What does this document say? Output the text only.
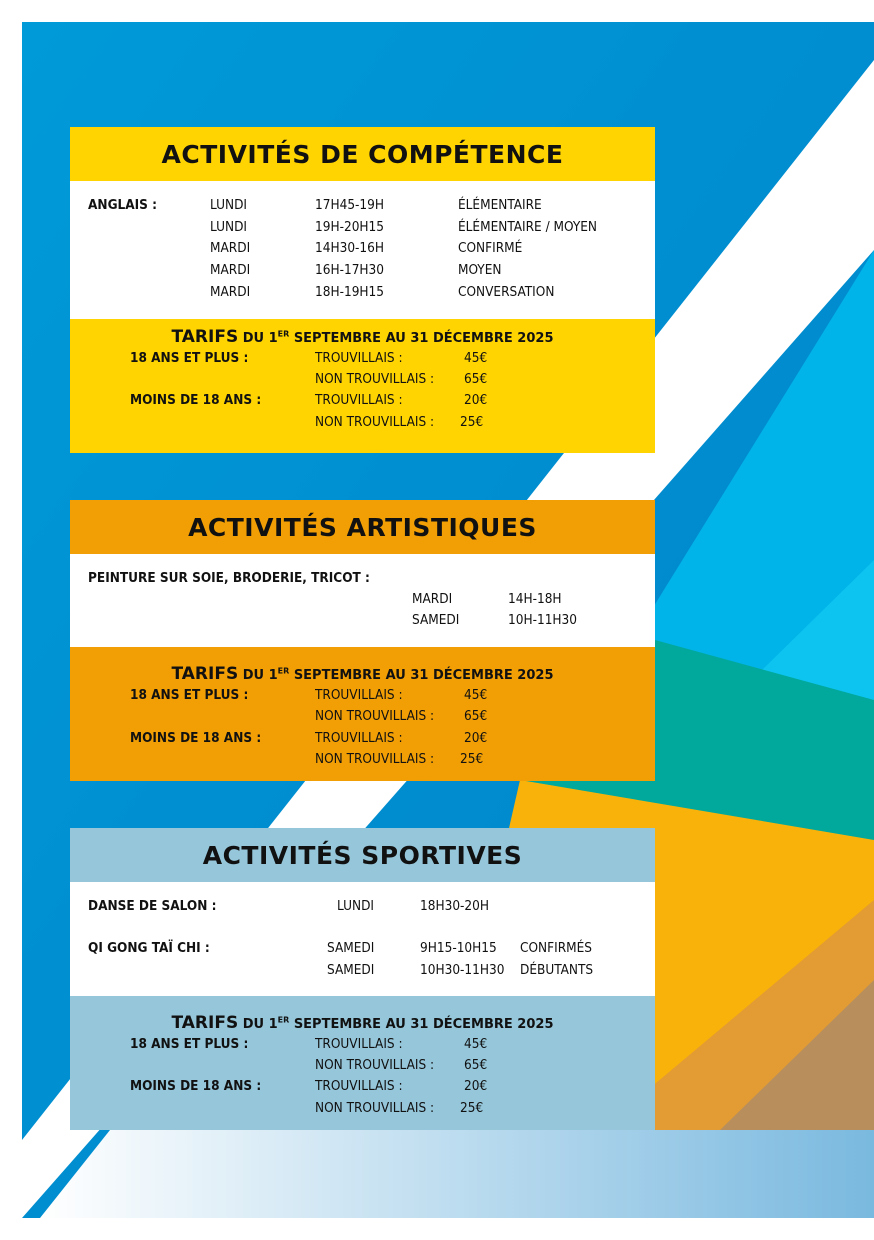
ACTIVITÉS DE COMPÉTENCE
ANGLAIS :	LUNDI	17H45-19H	ÉLÉMENTAIRE
LUNDI	19H-20H15	ÉLÉMENTAIRE / MOYEN
MARDI	14H30-16H	CONFIRMÉ
MARDI	16H-17H30	MOYEN
MARDI	18H-19H15	CONVERSATION
TARIFS DU 1ER SEPTEMBRE AU 31 DÉCEMBRE 2025
18 ANS ET PLUS :	TROUVILLAIS :	45€
NON TROUVILLAIS : 65€
MOINS DE 18 ANS :	TROUVILLAIS :	20€
NON TROUVILLAIS : 25€
ACTIVITÉS ARTISTIQUES
PEINTURE SUR SOIE, BRODERIE, TRICOT :
MARDI	14H-18H
SAMEDI	10H-11H30
TARIFS DU 1ER SEPTEMBRE AU 31 DÉCEMBRE 2025
18 ANS ET PLUS :	TROUVILLAIS :	45€
NON TROUVILLAIS : 65€
MOINS DE 18 ANS :	TROUVILLAIS :	20€
NON TROUVILLAIS : 25€
ACTIVITÉS SPORTIVES
DANSE DE SALON :	LUNDI	18H30-20H
QI GONG TAÏ CHI :	SAMEDI	9H15-10H15 CONFIRMÉS
SAMEDI	10H30-11H30 DÉBUTANTS
TARIFS DU 1ER SEPTEMBRE AU 31 DÉCEMBRE 2025
18 ANS ET PLUS :	TROUVILLAIS :	45€
NON TROUVILLAIS : 65€
MOINS DE 18 ANS :	TROUVILLAIS :	20€
NON TROUVILLAIS : 25€
